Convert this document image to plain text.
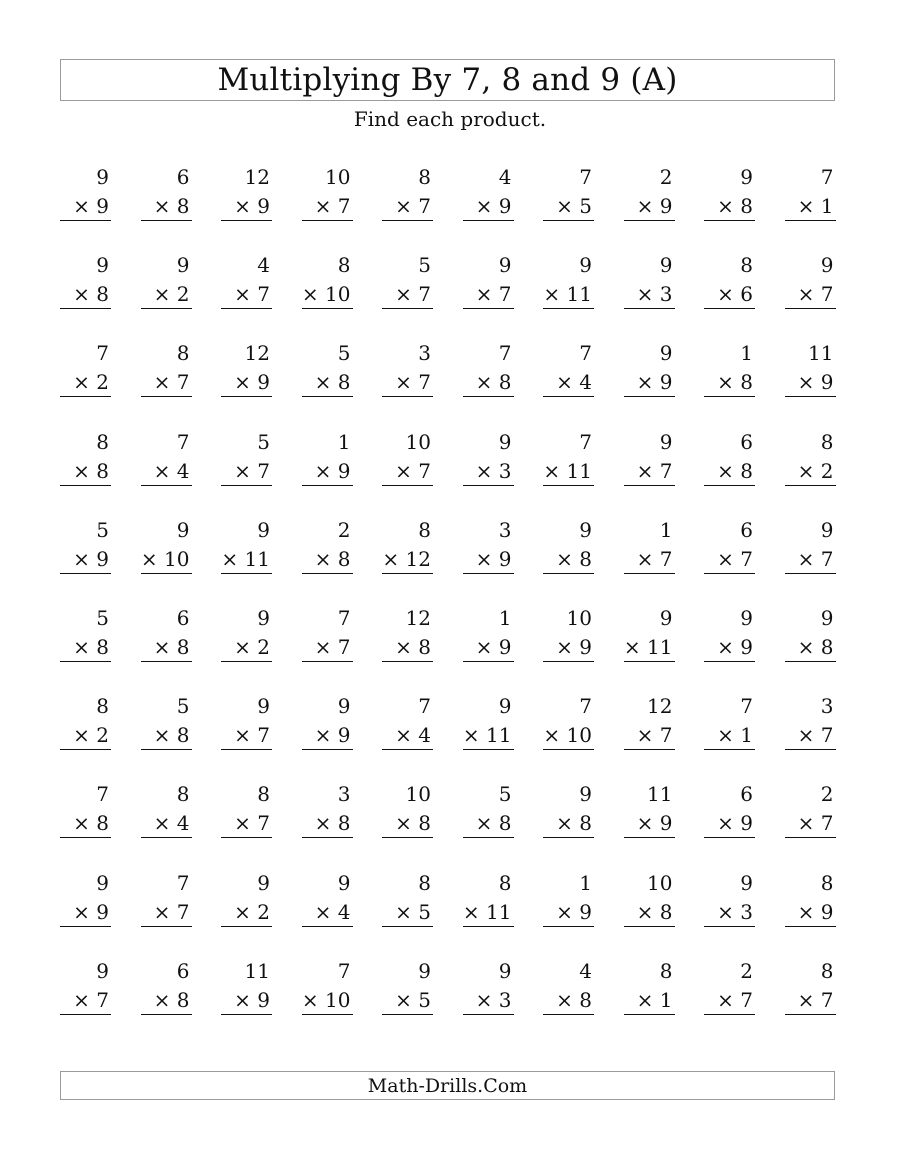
Multiplying By 7, 8 and 9 (A)
Find each product.
9
× 9
6
× 8
12
× 9
10
× 7
8
× 7
4
× 9
7
× 5
2
× 9
9
× 8
7
× 1
9
× 8
9
× 2
4
× 7
8
× 10
5
× 7
9
× 7
9
× 11
9
× 3
8
× 6
9
× 7
7
× 2
8
× 7
12
× 9
5
× 8
3
× 7
7
× 8
7
× 4
9
× 9
1
× 8
11
× 9
8
× 8
7
× 4
5
× 7
1
× 9
10
× 7
9
× 3
7
× 11
9
× 7
6
× 8
8
× 2
5
× 9
9
× 10
9
× 11
2
× 8
8
× 12
3
× 9
9
× 8
1
× 7
6
× 7
9
× 7
5
× 8
6
× 8
9
× 2
7
× 7
12
× 8
1
× 9
10
× 9
9
× 11
9
× 9
9
× 8
8
× 2
5
× 8
9
× 7
9
× 9
7
× 4
9
× 11
7
× 10
12
× 7
7
× 1
3
× 7
7
× 8
8
× 4
8
× 7
3
× 8
10
× 8
5
× 8
9
× 8
11
× 9
6
× 9
2
× 7
9
× 9
7
× 7
9
× 2
9
× 4
8
× 5
8
× 11
1
× 9
10
× 8
9
× 3
8
× 9
9
× 7
6
× 8
11
× 9
7
× 10
9
× 5
9
× 3
4
× 8
8
× 1
2
× 7
8
× 7
Math-Drills.Com
